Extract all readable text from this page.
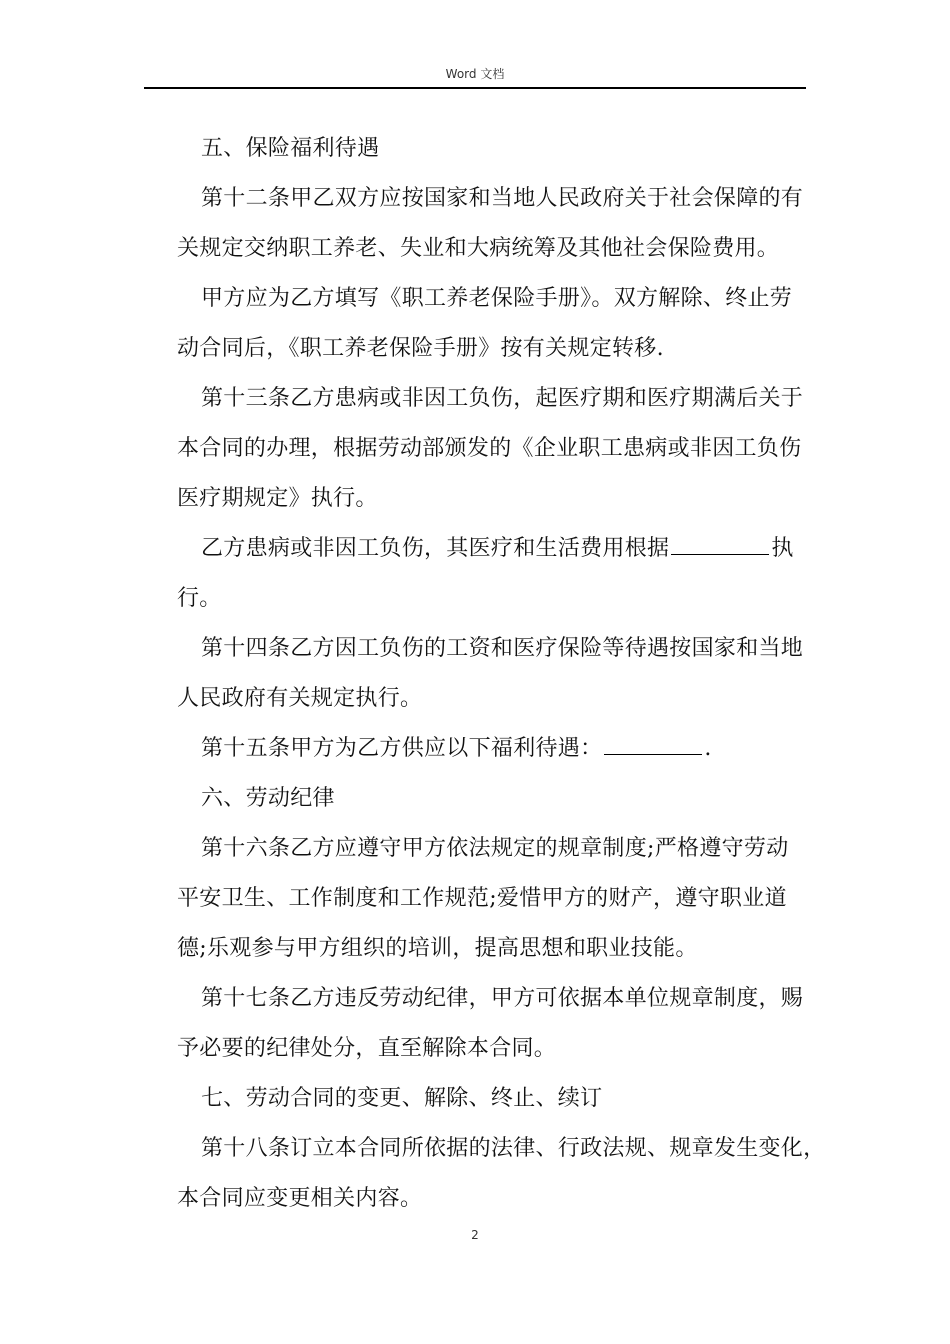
Word 文档

五、保险福利待遇

第十二条甲乙双方应按国家和当地人民政府关于社会保障的有

关规定交纳职工养老、失业和大病统筹及其他社会保险费用。

甲方应为乙方填写《职工养老保险手册》。双方解除、终止劳

动合同后，《职工养老保险手册》按有关规定转移.

第十三条乙方患病或非因工负伤，起医疗期和医疗期满后关于

本合同的办理，根据劳动部颁发的《企业职工患病或非因工负伤

医疗期规定》执行。

乙方患病或非因工负伤，其医疗和生活费用根据	执

行。

第十四条乙方因工负伤的工资和医疗保险等待遇按国家和当地

人民政府有关规定执行。

第十五条甲方为乙方供应以下福利待遇：	.

六、劳动纪律

第十六条乙方应遵守甲方依法规定的规章制度;严格遵守劳动

平安卫生、工作制度和工作规范;爱惜甲方的财产，遵守职业道

德;乐观参与甲方组织的培训，提高思想和职业技能。

第十七条乙方违反劳动纪律，甲方可依据本单位规章制度，赐

予必要的纪律处分，直至解除本合同。

七、劳动合同的变更、解除、终止、续订

第十八条订立本合同所依据的法律、行政法规、规章发生变化，

本合同应变更相关内容。

2
